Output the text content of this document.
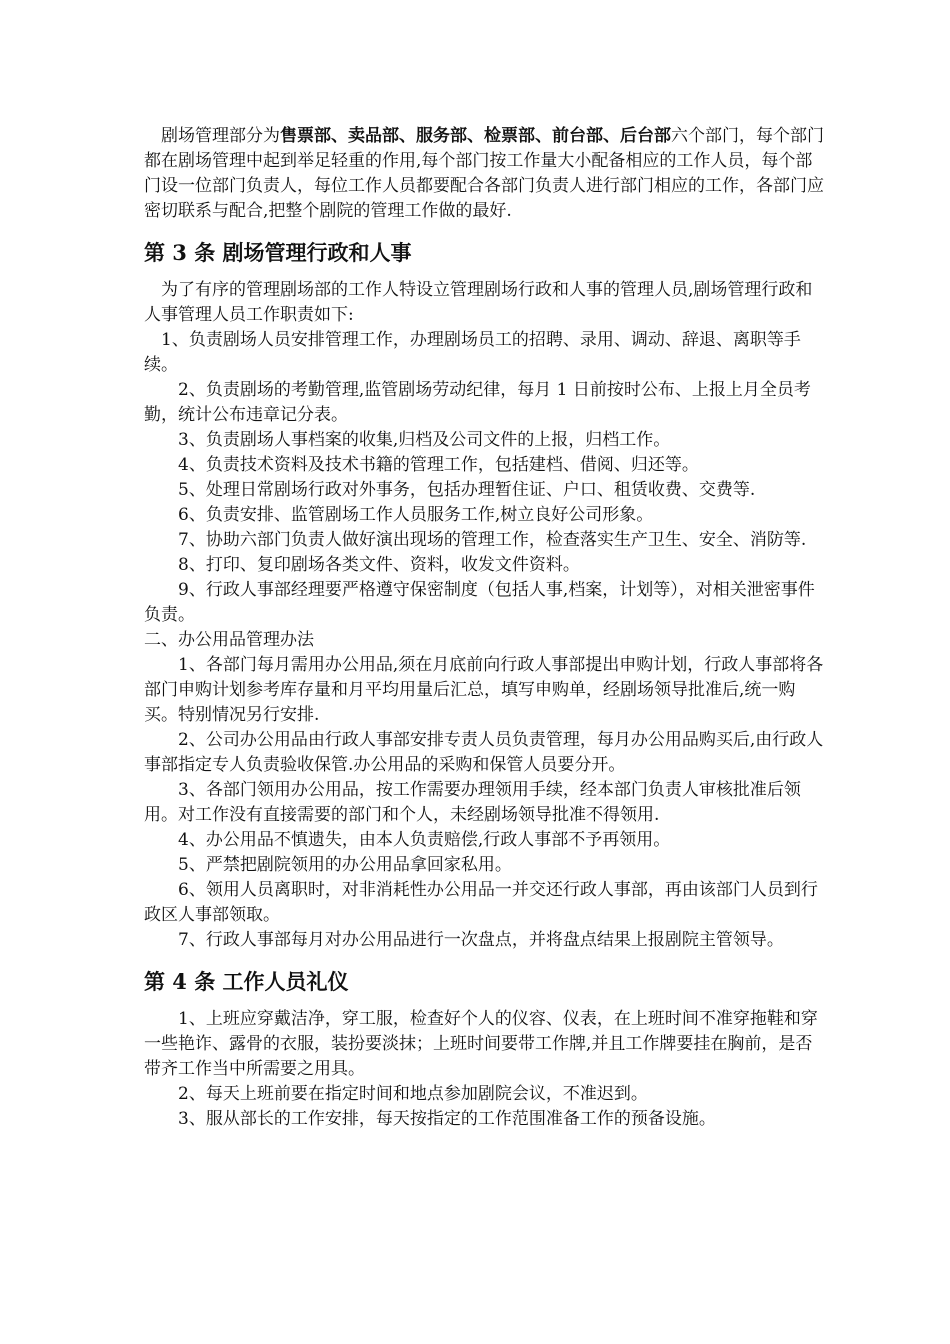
剧场管理部分为售票部、卖品部、服务部、检票部、前台部、后台部六个部门，每个部门都在剧场管理中起到举足轻重的作用,每个部门按工作量大小配备相应的工作人员，每个部门设一位部门负责人，每位工作人员都要配合各部门负责人进行部门相应的工作，各部门应密切联系与配合,把整个剧院的管理工作做的最好.

第 3 条 剧场管理行政和人事

为了有序的管理剧场部的工作人特设立管理剧场行政和人事的管理人员,剧场管理行政和人事管理人员工作职责如下:

1、负责剧场人员安排管理工作，办理剧场员工的招聘、录用、调动、辞退、离职等手续。

2、负责剧场的考勤管理,监管剧场劳动纪律，每月 1 日前按时公布、上报上月全员考勤，统计公布违章记分表。

3、负责剧场人事档案的收集,归档及公司文件的上报，归档工作。

4、负责技术资料及技术书籍的管理工作，包括建档、借阅、归还等。

5、处理日常剧场行政对外事务，包括办理暂住证、户口、租赁收费、交费等.

6、负责安排、监管剧场工作人员服务工作,树立良好公司形象。

7、协助六部门负责人做好演出现场的管理工作，检查落实生产卫生、安全、消防等.

8、打印、复印剧场各类文件、资料，收发文件资料。

9、行政人事部经理要严格遵守保密制度（包括人事,档案，计划等），对相关泄密事件负责。

二、办公用品管理办法

1、各部门每月需用办公用品,须在月底前向行政人事部提出申购计划，行政人事部将各部门申购计划参考库存量和月平均用量后汇总，填写申购单，经剧场领导批准后,统一购买。特别情况另行安排.

2、公司办公用品由行政人事部安排专责人员负责管理，每月办公用品购买后,由行政人事部指定专人负责验收保管.办公用品的采购和保管人员要分开。

3、各部门领用办公用品，按工作需要办理领用手续，经本部门负责人审核批准后领用。对工作没有直接需要的部门和个人，未经剧场领导批准不得领用.

4、办公用品不慎遗失，由本人负责赔偿,行政人事部不予再领用。

5、严禁把剧院领用的办公用品拿回家私用。

6、领用人员离职时，对非消耗性办公用品一并交还行政人事部，再由该部门人员到行政区人事部领取。

7、行政人事部每月对办公用品进行一次盘点，并将盘点结果上报剧院主管领导。

第 4 条 工作人员礼仪

1、上班应穿戴洁净，穿工服，检查好个人的仪容、仪表，在上班时间不准穿拖鞋和穿一些艳诈、露骨的衣服，装扮要淡抹；上班时间要带工作牌,并且工作牌要挂在胸前，是否带齐工作当中所需要之用具。

2、每天上班前要在指定时间和地点参加剧院会议，不准迟到。

3、服从部长的工作安排，每天按指定的工作范围准备工作的预备设施。
